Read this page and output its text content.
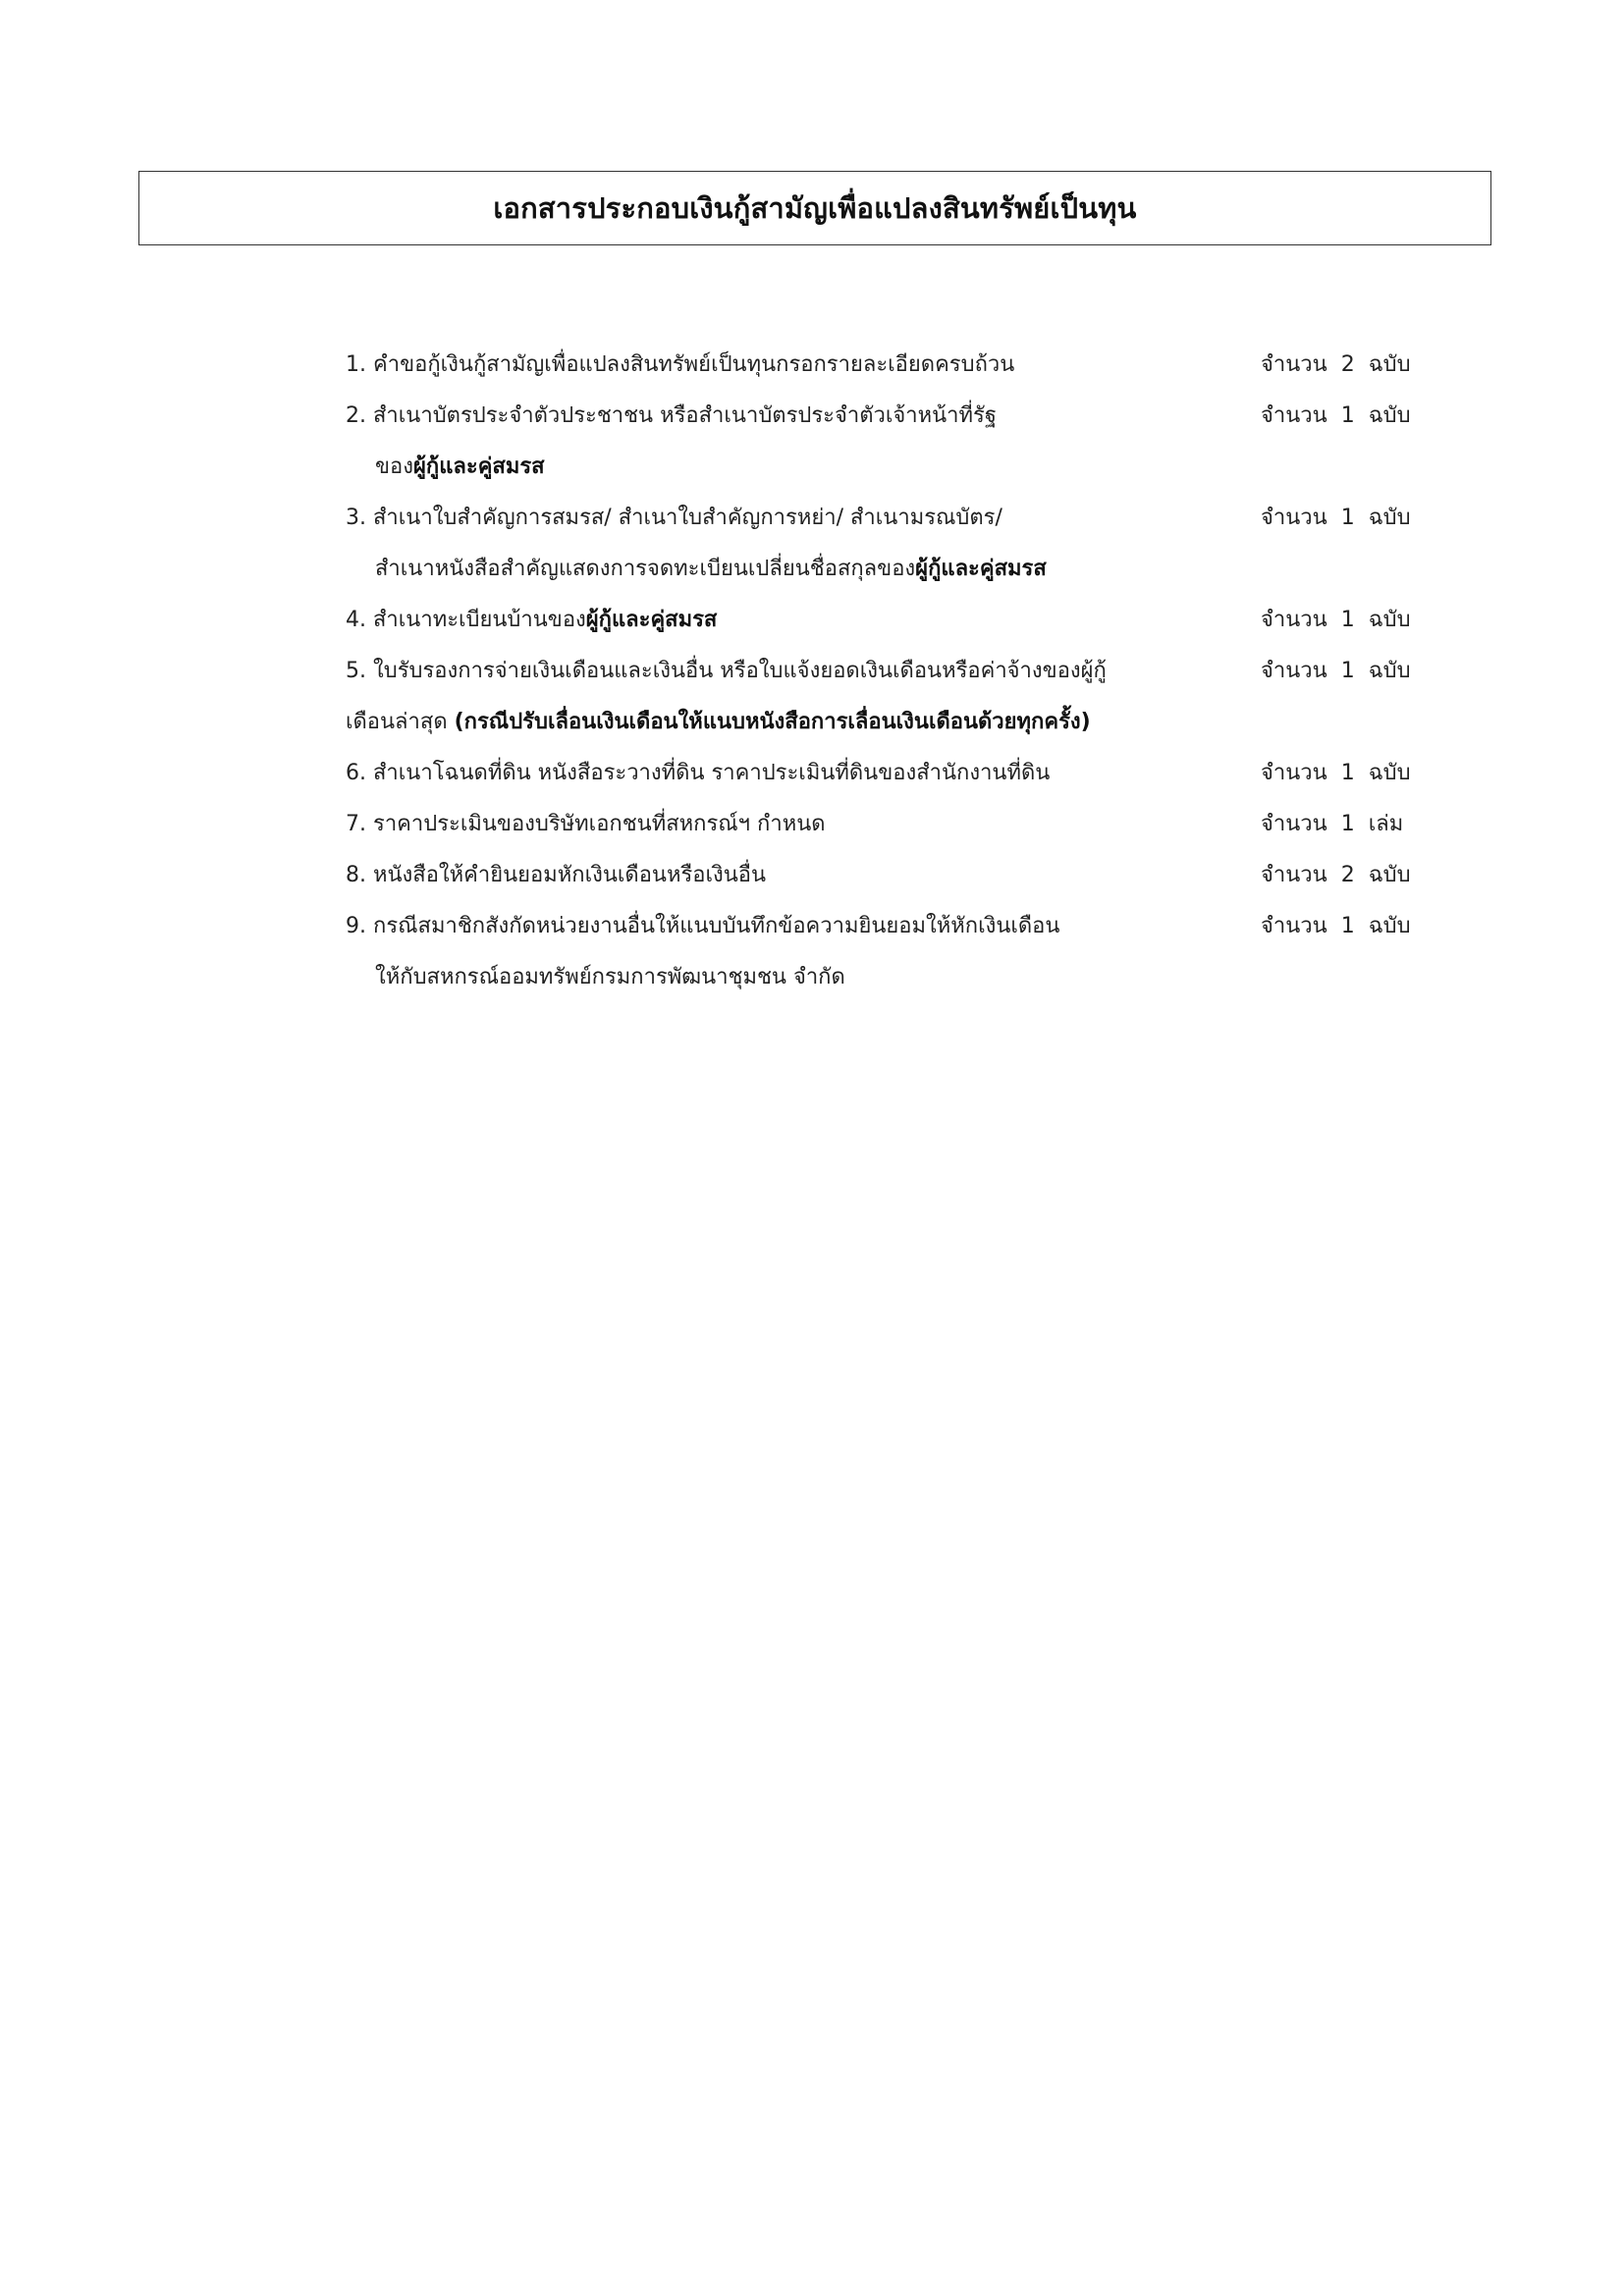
เอกสารประกอบเงินกู้สามัญเพื่อแปลงสินทรัพย์เป็นทุน
1. คำขอกู้เงินกู้สามัญเพื่อแปลงสินทรัพย์เป็นทุนกรอกรายละเอียดครบถ้วน	จำนวน 2 ฉบับ
2. สำเนาบัตรประจำตัวประชาชน หรือสำเนาบัตรประจำตัวเจ้าหน้าที่รัฐ	จำนวน 1 ฉบับ
ของผู้กู้และคู่สมรส
3. สำเนาใบสำคัญการสมรส/ สำเนาใบสำคัญการหย่า/ สำเนามรณบัตร/	จำนวน 1 ฉบับ
สำเนาหนังสือสำคัญแสดงการจดทะเบียนเปลี่ยนชื่อสกุลของผู้กู้และคู่สมรส
4. สำเนาทะเบียนบ้านของผู้กู้และคู่สมรส	จำนวน 1 ฉบับ
5. ใบรับรองการจ่ายเงินเดือนและเงินอื่น หรือใบแจ้งยอดเงินเดือนหรือค่าจ้างของผู้กู้	จำนวน 1 ฉบับ
เดือนล่าสุด (กรณีปรับเลื่อนเงินเดือนให้แนบหนังสือการเลื่อนเงินเดือนด้วยทุกครั้ง)
6. สำเนาโฉนดที่ดิน หนังสือระวางที่ดิน ราคาประเมินที่ดินของสำนักงานที่ดิน	จำนวน 1 ฉบับ
7. ราคาประเมินของบริษัทเอกชนที่สหกรณ์ฯ กำหนด	จำนวน 1 เล่ม
8. หนังสือให้คำยินยอมหักเงินเดือนหรือเงินอื่น	จำนวน 2 ฉบับ
9. กรณีสมาชิกสังกัดหน่วยงานอื่นให้แนบบันทึกข้อความยินยอมให้หักเงินเดือน	จำนวน 1 ฉบับ
ให้กับสหกรณ์ออมทรัพย์กรมการพัฒนาชุมชน จำกัด
